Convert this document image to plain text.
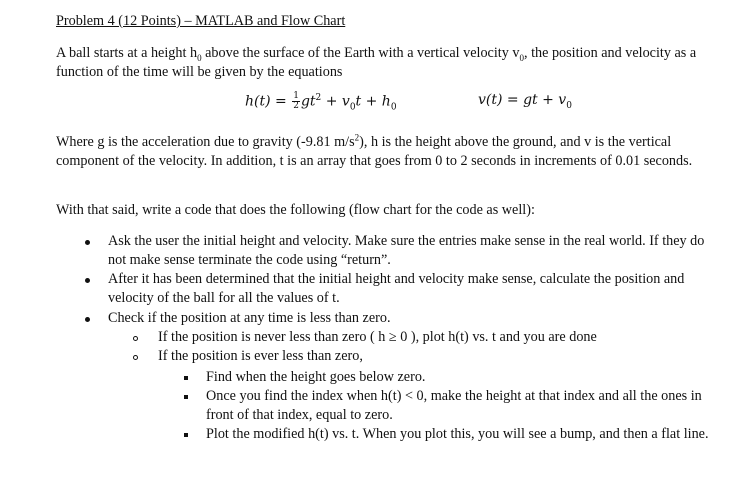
Problem 4 (12 Points) – MATLAB and Flow Chart
A ball starts at a height $h_0$ above the surface of the Earth with a vertical velocity $v_0$, the position and velocity as a function of the time will be given by the equations
$h(t) = \frac{1}{2} gt^2 + v_0t + h_0$	v(t) = gt + $v_0$
Where g is the acceleration due to gravity (-9.81 $m/s^2$), h is the height above the ground, and v is the vertical component of the velocity. In addition, t is an array that goes from 0 to 2 seconds in increments of 0.01 seconds.
With that said, write a code that does the following (flow chart for the code as well):
Ask the user the initial height and velocity. Make sure the entries make sense in the real world. If they do not make sense terminate the code using “return”.
After it has been determined that the initial height and velocity make sense, calculate the position and velocity of the ball for all the values of t.
Check if the position at any time is less than zero.
If the position is never less than zero ( h ≥ 0 ), plot h(t) vs. t and you are done
If the position is ever less than zero,
Find when the height goes below zero.
Once you find the index when h(t) < 0, make the height at that index and all the ones in front of that index, equal to zero.
Plot the modified h(t) vs. t. When you plot this, you will see a bump, and then a flat line.
